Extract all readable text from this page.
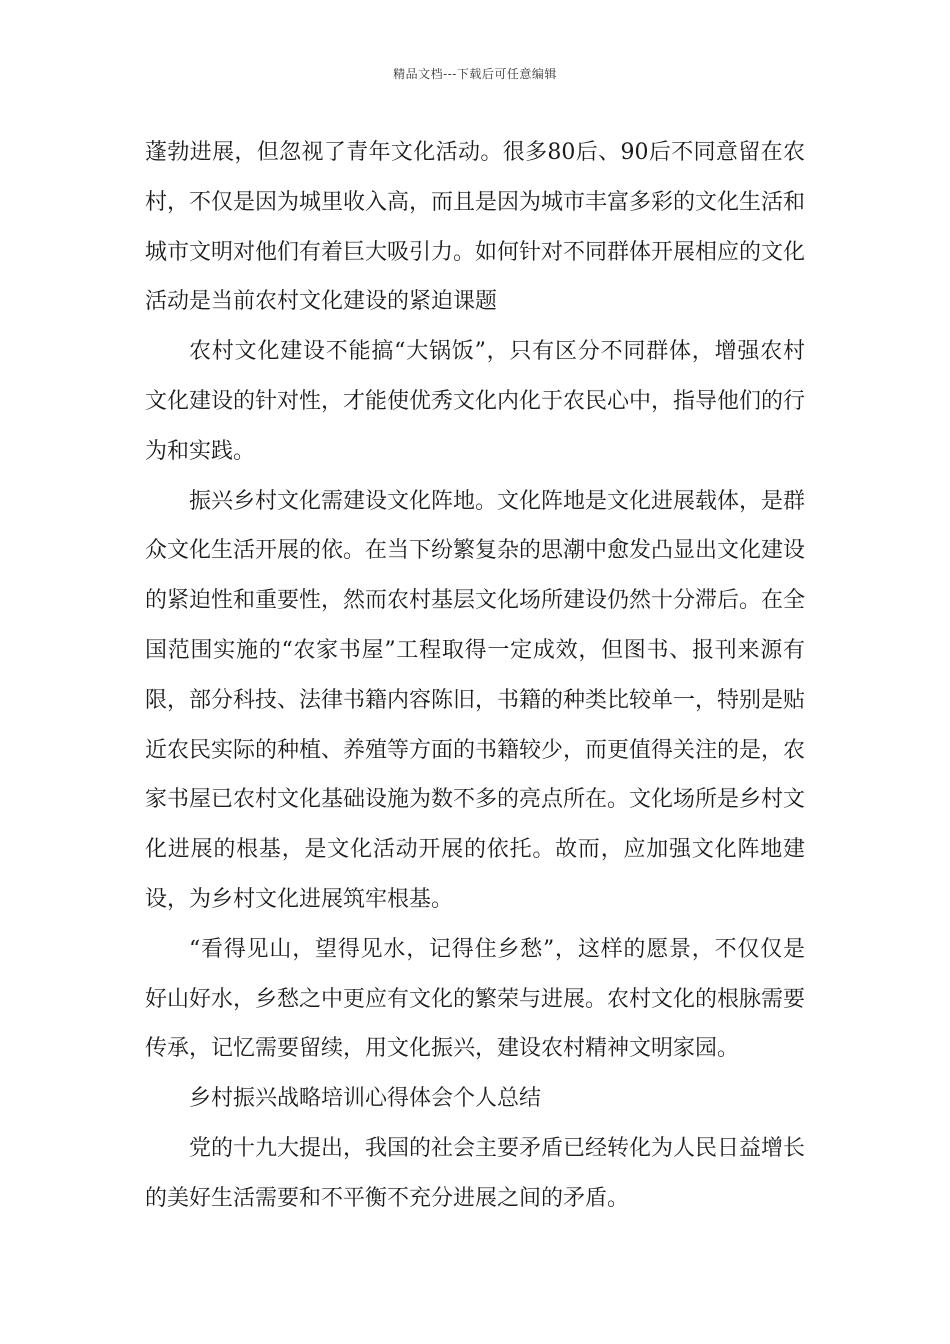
精品文档---下载后可任意编辑

蓬勃进展，但忽视了青年文化活动。很多80后、90后不同意留在农村，不仅是因为城里收入高，而且是因为城市丰富多彩的文化生活和城市文明对他们有着巨大吸引力。如何针对不同群体开展相应的文化活动是当前农村文化建设的紧迫课题

农村文化建设不能搞“大锅饭”，只有区分不同群体，增强农村文化建设的针对性，才能使优秀文化内化于农民心中，指导他们的行为和实践。

振兴乡村文化需建设文化阵地。文化阵地是文化进展载体，是群众文化生活开展的依。在当下纷繁复杂的思潮中愈发凸显出文化建设的紧迫性和重要性，然而农村基层文化场所建设仍然十分滞后。在全国范围实施的“农家书屋”工程取得一定成效，但图书、报刊来源有限，部分科技、法律书籍内容陈旧，书籍的种类比较单一，特别是贴近农民实际的种植、养殖等方面的书籍较少，而更值得关注的是，农家书屋已农村文化基础设施为数不多的亮点所在。文化场所是乡村文化进展的根基，是文化活动开展的依托。故而，应加强文化阵地建设，为乡村文化进展筑牢根基。

“看得见山，望得见水，记得住乡愁”，这样的愿景，不仅仅是好山好水，乡愁之中更应有文化的繁荣与进展。农村文化的根脉需要传承，记忆需要留续，用文化振兴，建设农村精神文明家园。

乡村振兴战略培训心得体会个人总结

党的十九大提出，我国的社会主要矛盾已经转化为人民日益增长的美好生活需要和不平衡不充分进展之间的矛盾。
